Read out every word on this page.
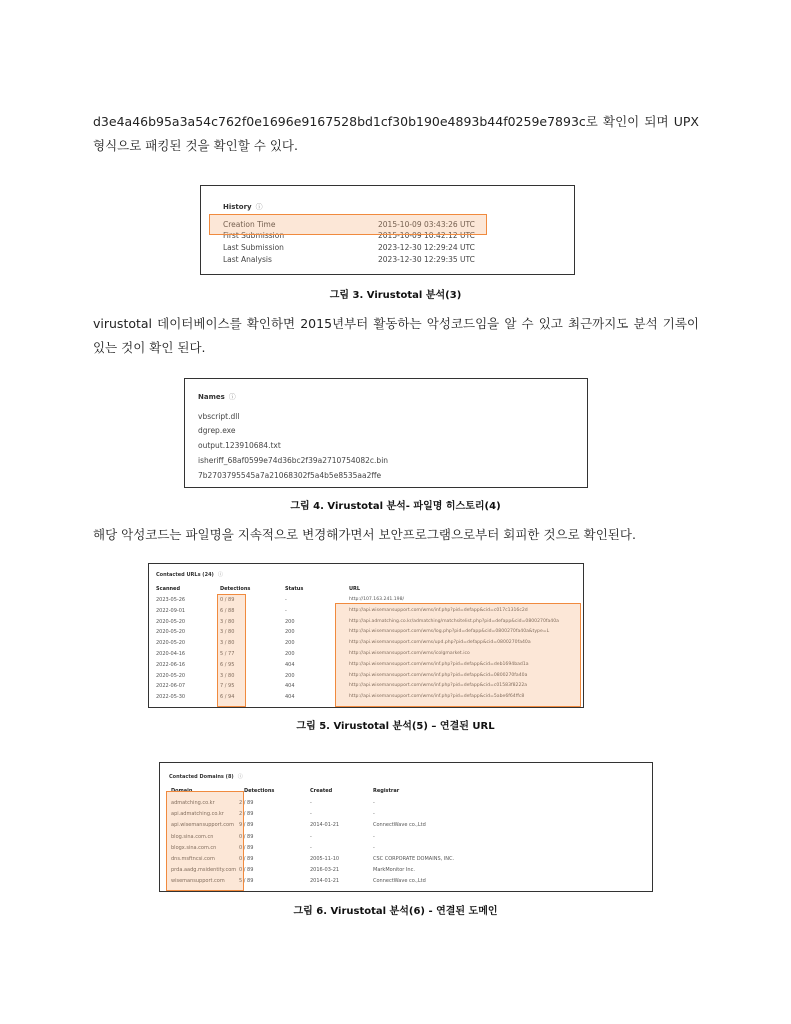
d3e4a46b95a3a54c762f0e1696e9167528bd1cf30b190e4893b44f0259e7893c로 확인이 되며 UPX 형식으로 패킹된 것을 확인할 수 있다.
History ⓘ
Creation Time	2015-10-09 03:43:26 UTC
First Submission	2015-10-09 10:42:12 UTC
Last Submission	2023-12-30 12:29:24 UTC
Last Analysis	2023-12-30 12:29:35 UTC
그림 3. Virustotal 분석(3)
virustotal 데이터베이스를 확인하면 2015년부터 활동하는 악성코드임을 알 수 있고 최근까지도 분석 기록이 있는 것이 확인 된다.
Names ⓘ
vbscript.dll
dgrep.exe
output.123910684.txt
isheriff_68af0599e74d36bc2f39a2710754082c.bin
7b2703795545a7a21068302f5a4b5e8535aa2ffe
그림 4. Virustotal 분석- 파일명 히스토리(4)
해당 악성코드는 파일명을 지속적으로 변경해가면서 보안프로그램으로부터 회피한 것으로 확인된다.
Contacted URLs (24) ⓘ
Scanned	Detections	Status	URL
2023-05-26	0 / 89	-	http://107.163.241.198/
2022-09-01	6 / 88	-	http://api.wisemansupport.com/wms/inf.php?pid=defapp&cid=c017c1316c2d
2020-05-20	3 / 80	200	http://api.admatching.co.kr/admatching/matchsitelist.php?pid=defapp&cid=0800270fa40a
2020-05-20	3 / 80	200	http://api.wisemansupport.com/wms/log.php?pid=defapp&cid=0800270fa40a&type=L
2020-05-20	3 / 80	200	http://api.wisemansupport.com/wms/upd.php?pid=defapp&cid=0800270fa40a
2020-04-16	5 / 77	200	http://api.wisemansupport.com/wms/icolgmarket.ico
2022-06-16	6 / 95	404	http://api.wisemansupport.com/wms/inf.php?pid=defapp&cid=deb1694bad1a
2020-05-20	3 / 80	200	http://api.wisemansupport.com/wms/inf.php?pid=defapp&cid=0800270fa40a
2022-06-07	7 / 95	404	http://api.wisemansupport.com/wms/inf.php?pid=defapp&cid=c01583f8222a
2022-05-30	6 / 94	404	http://api.wisemansupport.com/wms/inf.php?pid=defapp&cid=5abe6f64ffc8
그림 5. Virustotal 분석(5) – 연결된 URL
Contacted Domains (8) ⓘ
Domain	Detections	Created	Registrar
admatching.co.kr	2 / 89	-	-
api.admatching.co.kr	2 / 89	-	-
api.wisemansupport.com 9 / 89	2014-01-21	ConnectWave co.,Ltd
blog.sina.com.cn	0 / 89	-	-
blogx.sina.com.cn	0 / 89	-	-
dns.msftncsi.com	0 / 89	2005-11-10	CSC CORPORATE DOMAINS, INC.
prda.aadg.msidentity.com 0 / 89	2016-03-21	MarkMonitor Inc.
wisemansupport.com	5 / 89	2014-01-21	ConnectWave co.,Ltd
그림 6. Virustotal 분석(6) - 연결된 도메인
